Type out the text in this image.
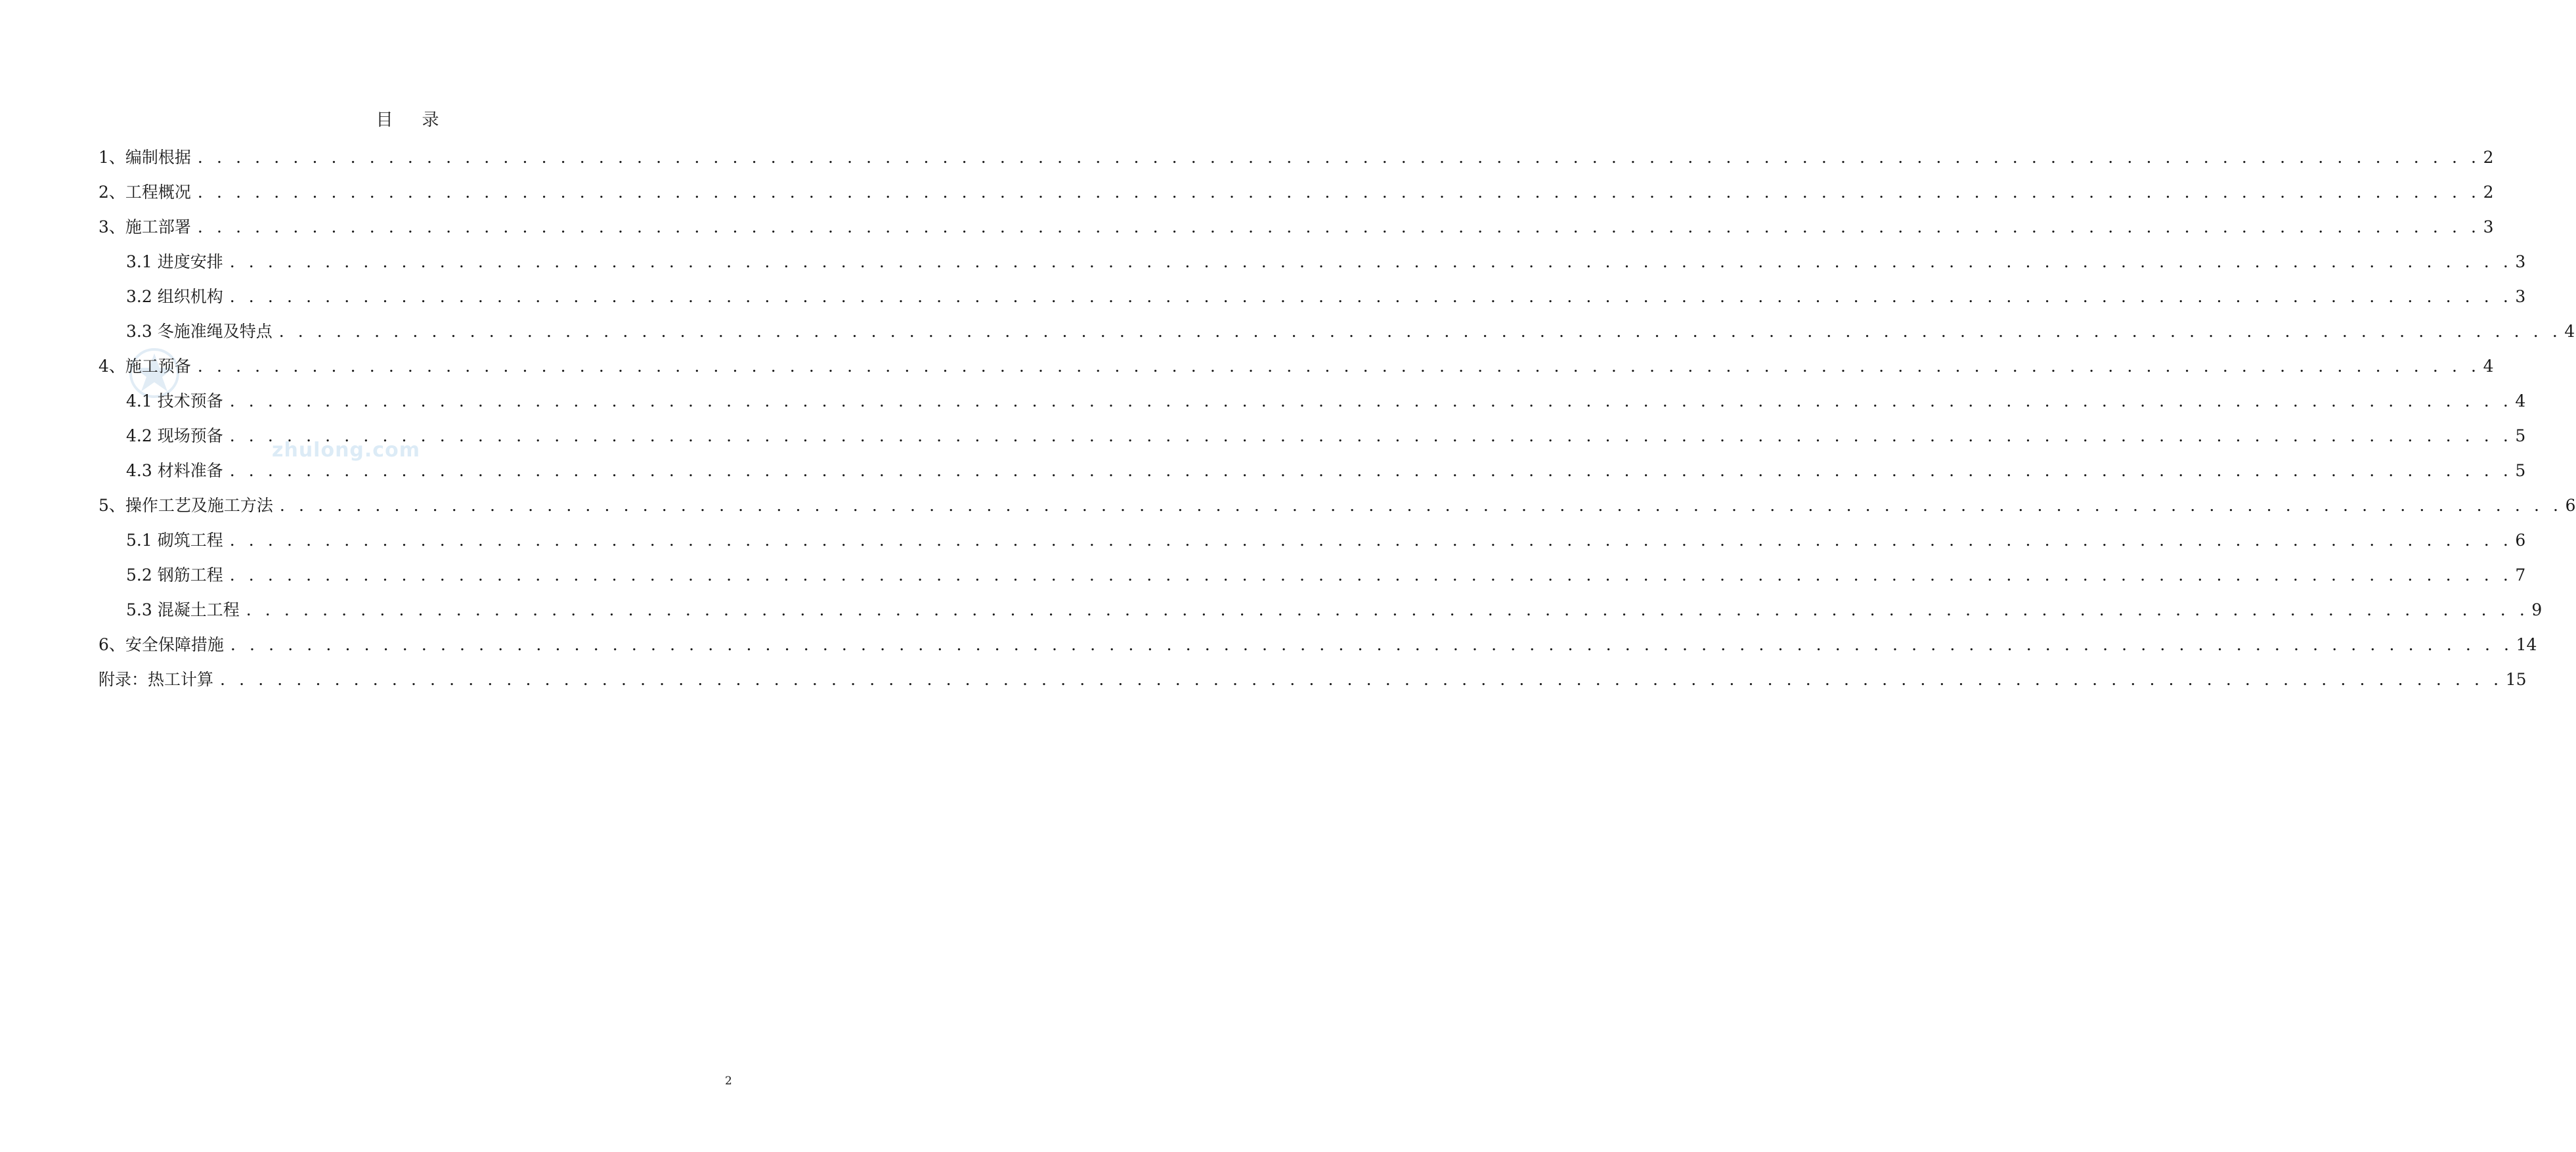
zhulong.com
目 录
1、编制根据 . . . . . . . . . . . . . . . . . . . . . . . . . . . . . . . . . . . . . . . . . . . . . . . . . . . . . . . . . . . . . . . . . . . . . . . . . . . . . . . . . . . . . . . . . . . . . . . . . . . . . . . . . . . . . . . . . . . . . . . . 2
2、工程概况 . . . . . . . . . . . . . . . . . . . . . . . . . . . . . . . . . . . . . . . . . . . . . . . . . . . . . . . . . . . . . . . . . . . . . . . . . . . . . . . . . . . . . . . . . . . . . . . . . . . . . . . . . . . . . . . . . . . . . . . . 2
3、施工部署 . . . . . . . . . . . . . . . . . . . . . . . . . . . . . . . . . . . . . . . . . . . . . . . . . . . . . . . . . . . . . . . . . . . . . . . . . . . . . . . . . . . . . . . . . . . . . . . . . . . . . . . . . . . . . . . . . . . . . . . . 3
3.1 进度安排 . . . . . . . . . . . . . . . . . . . . . . . . . . . . . . . . . . . . . . . . . . . . . . . . . . . . . . . . . . . . . . . . . . . . . . . . . . . . . . . . . . . . . . . . . . . . . . . . . . . . . . . . . . . . . . . . . . . . . . . . 3
3.2 组织机构 . . . . . . . . . . . . . . . . . . . . . . . . . . . . . . . . . . . . . . . . . . . . . . . . . . . . . . . . . . . . . . . . . . . . . . . . . . . . . . . . . . . . . . . . . . . . . . . . . . . . . . . . . . . . . . . . . . . . . . . . 3
3.3 冬施准绳及特点 . . . . . . . . . . . . . . . . . . . . . . . . . . . . . . . . . . . . . . . . . . . . . . . . . . . . . . . . . . . . . . . . . . . . . . . . . . . . . . . . . . . . . . . . . . . . . . . . . . . . . . . . . . . . . . . . . . . . . . . . 4
4、施工预备 . . . . . . . . . . . . . . . . . . . . . . . . . . . . . . . . . . . . . . . . . . . . . . . . . . . . . . . . . . . . . . . . . . . . . . . . . . . . . . . . . . . . . . . . . . . . . . . . . . . . . . . . . . . . . . . . . . . . . . . . 4
4.1 技术预备 . . . . . . . . . . . . . . . . . . . . . . . . . . . . . . . . . . . . . . . . . . . . . . . . . . . . . . . . . . . . . . . . . . . . . . . . . . . . . . . . . . . . . . . . . . . . . . . . . . . . . . . . . . . . . . . . . . . . . . . . 4
4.2 现场预备 . . . . . . . . . . . . . . . . . . . . . . . . . . . . . . . . . . . . . . . . . . . . . . . . . . . . . . . . . . . . . . . . . . . . . . . . . . . . . . . . . . . . . . . . . . . . . . . . . . . . . . . . . . . . . . . . . . . . . . . . 5
4.3 材料准备 . . . . . . . . . . . . . . . . . . . . . . . . . . . . . . . . . . . . . . . . . . . . . . . . . . . . . . . . . . . . . . . . . . . . . . . . . . . . . . . . . . . . . . . . . . . . . . . . . . . . . . . . . . . . . . . . . . . . . . . . 5
5、操作工艺及施工方法 . . . . . . . . . . . . . . . . . . . . . . . . . . . . . . . . . . . . . . . . . . . . . . . . . . . . . . . . . . . . . . . . . . . . . . . . . . . . . . . . . . . . . . . . . . . . . . . . . . . . . . . . . . . . . . . . . . . . . . . . 6
5.1 砌筑工程 . . . . . . . . . . . . . . . . . . . . . . . . . . . . . . . . . . . . . . . . . . . . . . . . . . . . . . . . . . . . . . . . . . . . . . . . . . . . . . . . . . . . . . . . . . . . . . . . . . . . . . . . . . . . . . . . . . . . . . . . 6
5.2 钢筋工程 . . . . . . . . . . . . . . . . . . . . . . . . . . . . . . . . . . . . . . . . . . . . . . . . . . . . . . . . . . . . . . . . . . . . . . . . . . . . . . . . . . . . . . . . . . . . . . . . . . . . . . . . . . . . . . . . . . . . . . . . 7
5.3 混凝土工程 . . . . . . . . . . . . . . . . . . . . . . . . . . . . . . . . . . . . . . . . . . . . . . . . . . . . . . . . . . . . . . . . . . . . . . . . . . . . . . . . . . . . . . . . . . . . . . . . . . . . . . . . . . . . . . . . . . . . . . . . 9
6、安全保障措施 . . . . . . . . . . . . . . . . . . . . . . . . . . . . . . . . . . . . . . . . . . . . . . . . . . . . . . . . . . . . . . . . . . . . . . . . . . . . . . . . . . . . . . . . . . . . . . . . . . . . . . . . . . . . . . . . . . . . . . . . 14
附录：热工计算 . . . . . . . . . . . . . . . . . . . . . . . . . . . . . . . . . . . . . . . . . . . . . . . . . . . . . . . . . . . . . . . . . . . . . . . . . . . . . . . . . . . . . . . . . . . . . . . . . . . . . . . . . . . . . . . . . . . . . . . . 15
2
